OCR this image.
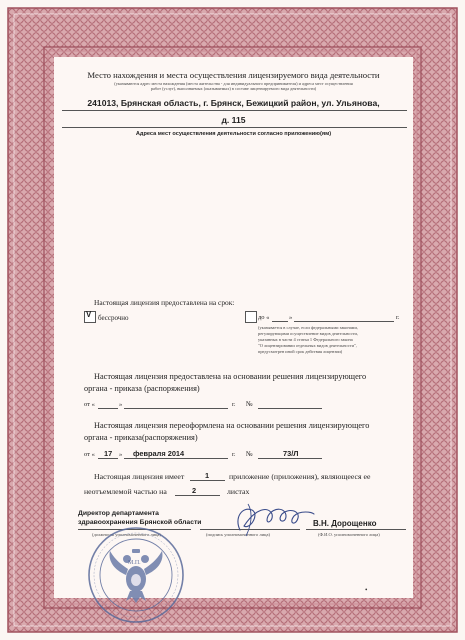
Место нахождения и места осуществления лицензируемого вида деятельности
(указываются адрес места нахождения (места жительства - для индивидуального предпринимателя) и адреса мест осуществления
работ (услуг), выполняемых (оказываемых) в составе лицензируемого вида деятельности)
241013, Брянская область, г. Брянск, Бежицкий район, ул. Ульянова,
д. 115
Адреса мест осуществления деятельности согласно приложению(ям)
Настоящая лицензия предоставлена на срок:
V бессрочно	до «	»	г.
(указывается в случае, если федеральными законами,
регулирующими осуществление видов деятельности,
указанных в части 4 статьи 1 Федерального закона
"О лицензировании отдельных видов деятельности",
предусмотрен иной срок действия лицензии)
Настоящая лицензия предоставлена на основании решения лицензирующего
органа - приказа (распоряжения)
от «	»	г. №
Настоящая лицензия переоформлена на основании решения лицензирующего
органа - приказа(распоряжения)
от « 17 » февраля 2014	г. №	73/Л
Настоящая лицензия имеет	1	приложение (приложения), являющееся ее
неотъемлемой частью на	2	листах
Директор департамента
здравоохранения Брянской области	В.Н. Дорощенко
(должность уполномоченного лица)	(подпись уполномоченного лица)	(Ф.И.О. уполномоченного лица)
М.П.
•
